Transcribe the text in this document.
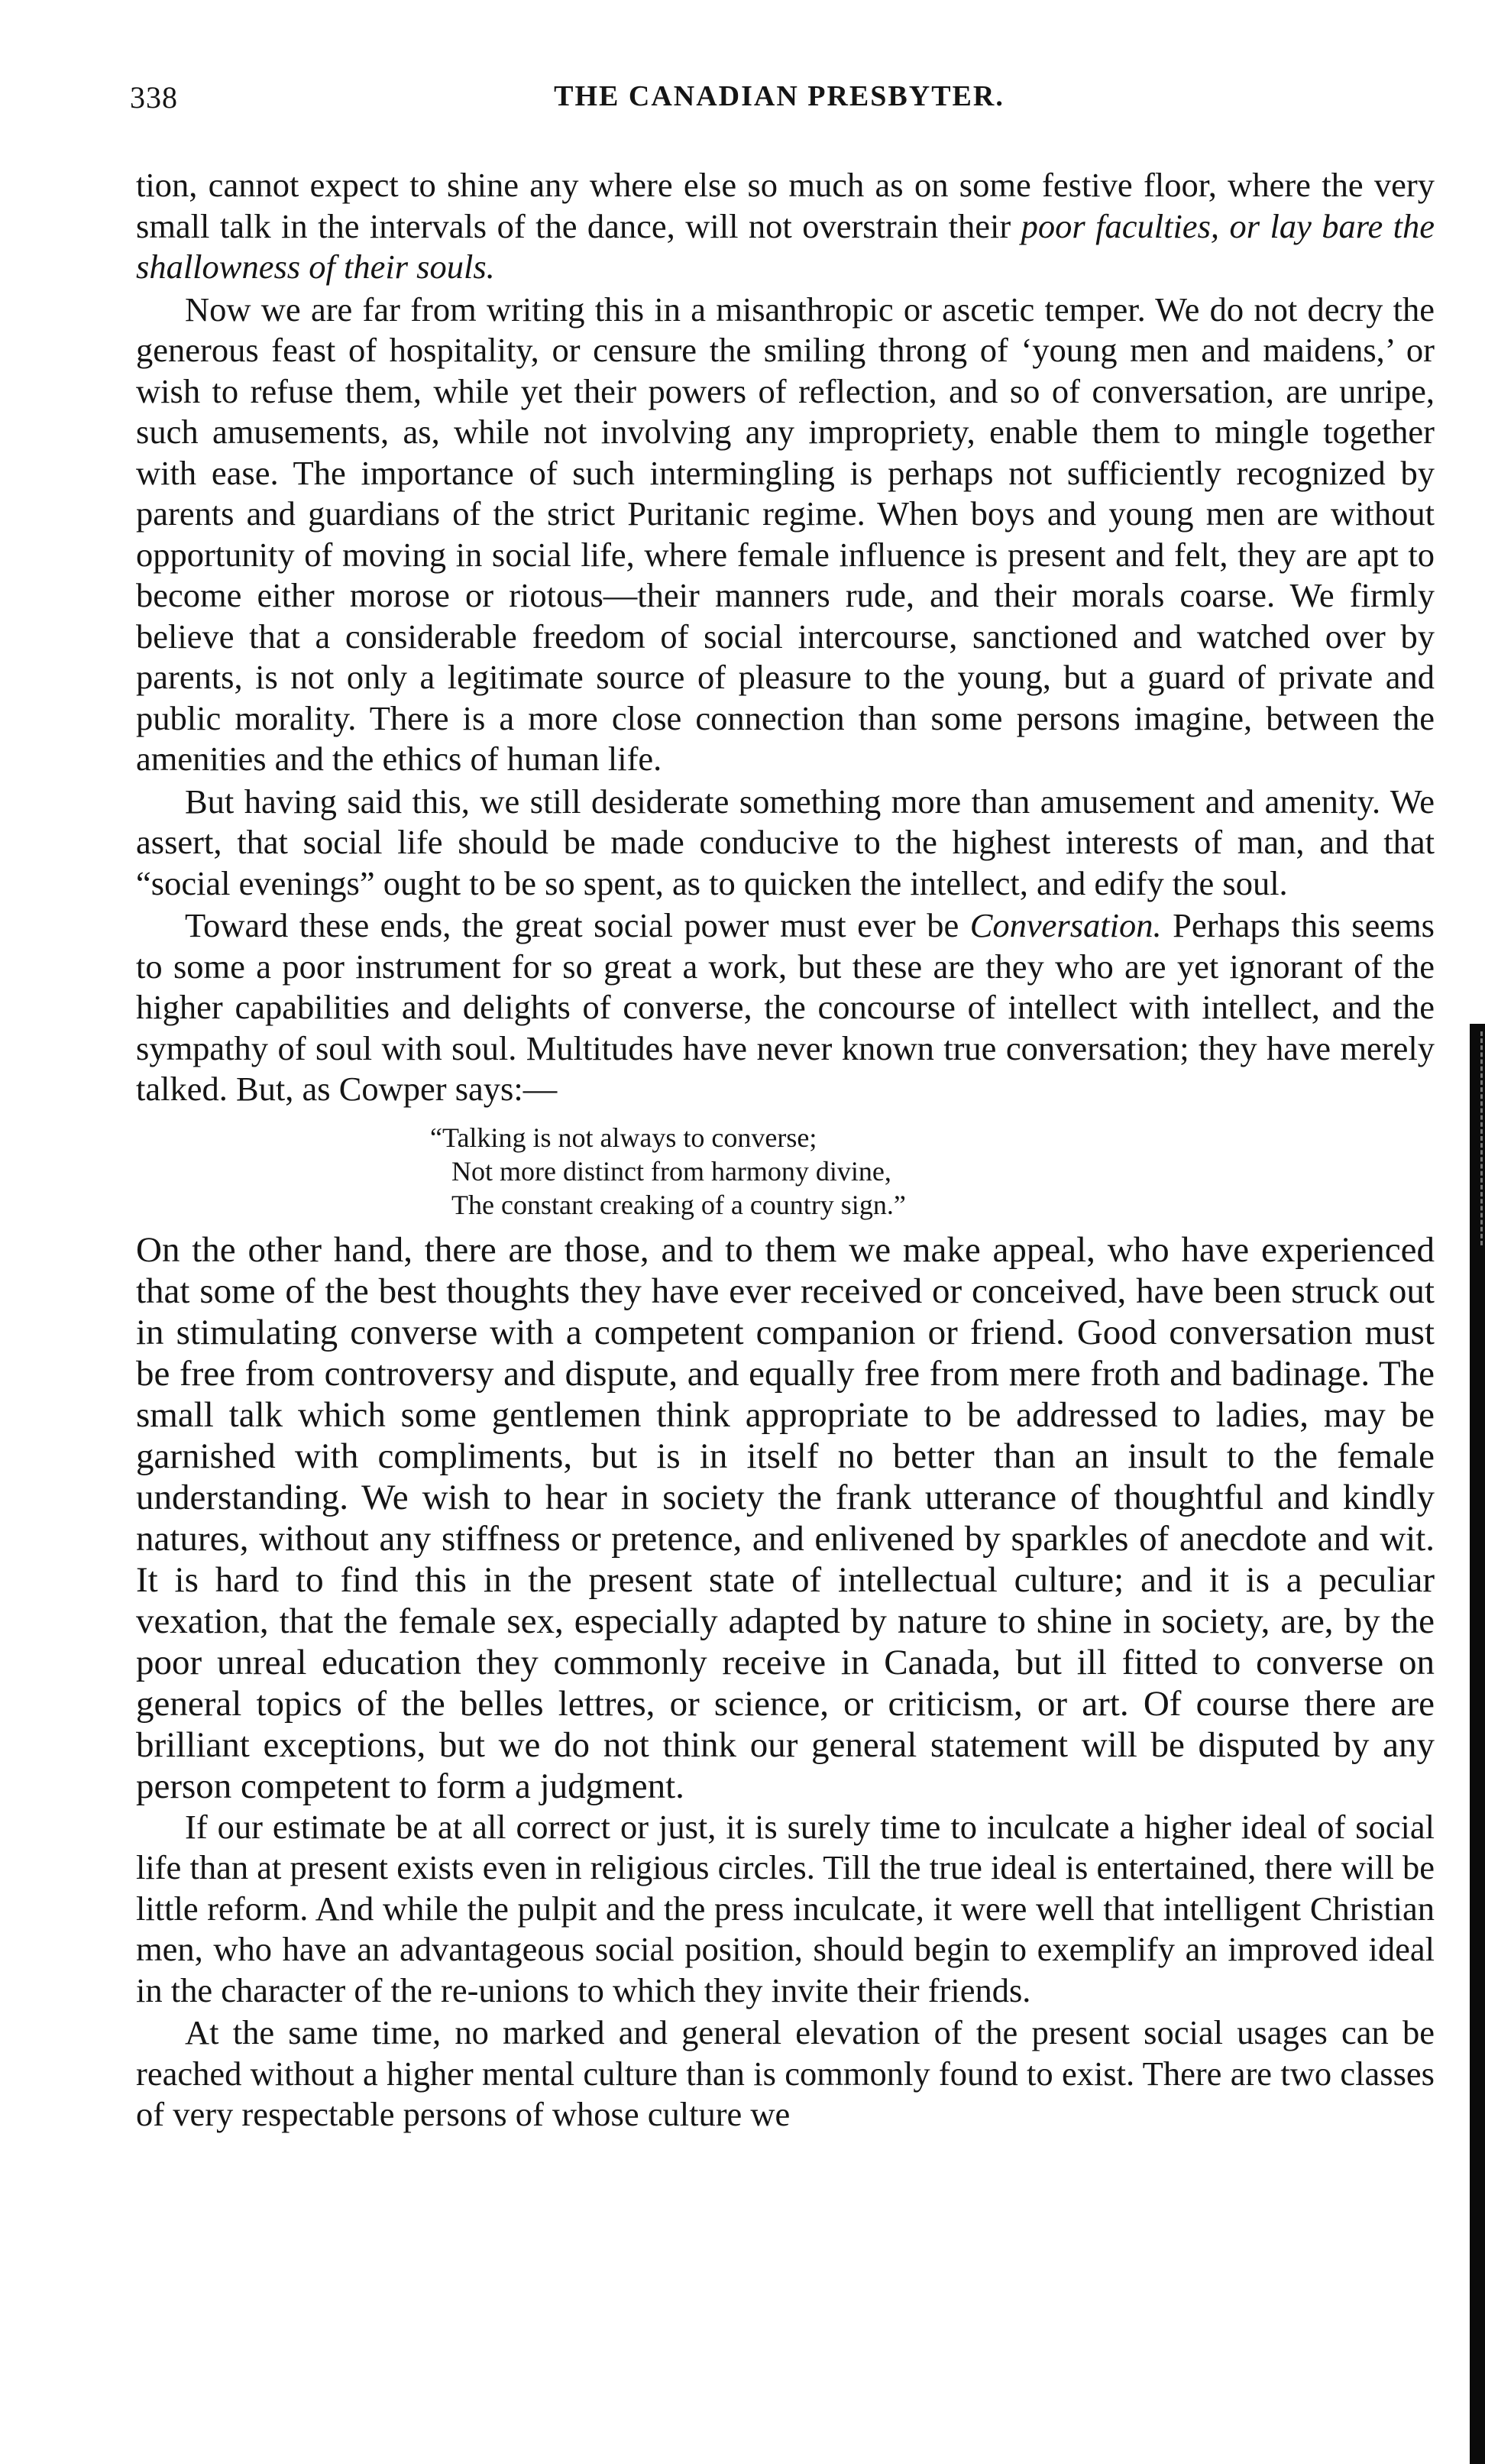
338	THE CANADIAN PRESBYTER.

tion, cannot expect to shine any where else so much as on some festive floor, where the very small talk in the intervals of the dance, will not overstrain their poor faculties, or lay bare the shallowness of their souls.

Now we are far from writing this in a misanthropic or ascetic temper. We do not decry the generous feast of hospitality, or censure the smiling throng of ‘young men and maidens,’ or wish to refuse them, while yet their powers of reflection, and so of conversation, are unripe, such amusements, as, while not involving any impropriety, enable them to mingle together with ease. The importance of such intermingling is perhaps not sufficiently recognized by parents and guardians of the strict Puritanic regime. When boys and young men are without opportunity of moving in social life, where female influence is present and felt, they are apt to become either morose or riotous—their manners rude, and their morals coarse. We firmly believe that a considerable freedom of social intercourse, sanctioned and watched over by parents, is not only a legitimate source of pleasure to the young, but a guard of private and public morality. There is a more close connection than some persons imagine, between the amenities and the ethics of human life.

But having said this, we still desiderate something more than amusement and amenity. We assert, that social life should be made conducive to the highest interests of man, and that “social evenings” ought to be so spent, as to quicken the intellect, and edify the soul.

Toward these ends, the great social power must ever be Conversation. Perhaps this seems to some a poor instrument for so great a work, but these are they who are yet ignorant of the higher capabilities and delights of converse, the concourse of intellect with intellect, and the sympathy of soul with soul. Multitudes have never known true conversation; they have merely talked. But, as Cowper says:—

“Talking is not always to converse;
Not more distinct from harmony divine,
The constant creaking of a country sign.”

On the other hand, there are those, and to them we make appeal, who have experienced that some of the best thoughts they have ever received or conceived, have been struck out in stimulating converse with a competent companion or friend. Good conversation must be free from controversy and dispute, and equally free from mere froth and badinage. The small talk which some gentlemen think appropriate to be addressed to ladies, may be garnished with compliments, but is in itself no better than an insult to the female understanding. We wish to hear in society the frank utterance of thoughtful and kindly natures, without any stiffness or pretence, and enlivened by sparkles of anecdote and wit. It is hard to find this in the present state of intellectual culture; and it is a peculiar vexation, that the female sex, especially adapted by nature to shine in society, are, by the poor unreal education they commonly receive in Canada, but ill fitted to converse on general topics of the belles lettres, or science, or criticism, or art. Of course there are brilliant exceptions, but we do not think our general statement will be disputed by any person competent to form a judgment.

If our estimate be at all correct or just, it is surely time to inculcate a higher ideal of social life than at present exists even in religious circles. Till the true ideal is entertained, there will be little reform. And while the pulpit and the press inculcate, it were well that intelligent Christian men, who have an advantageous social position, should begin to exemplify an improved ideal in the character of the re-unions to which they invite their friends.

At the same time, no marked and general elevation of the present social usages can be reached without a higher mental culture than is commonly found to exist. There are two classes of very respectable persons of whose culture we
